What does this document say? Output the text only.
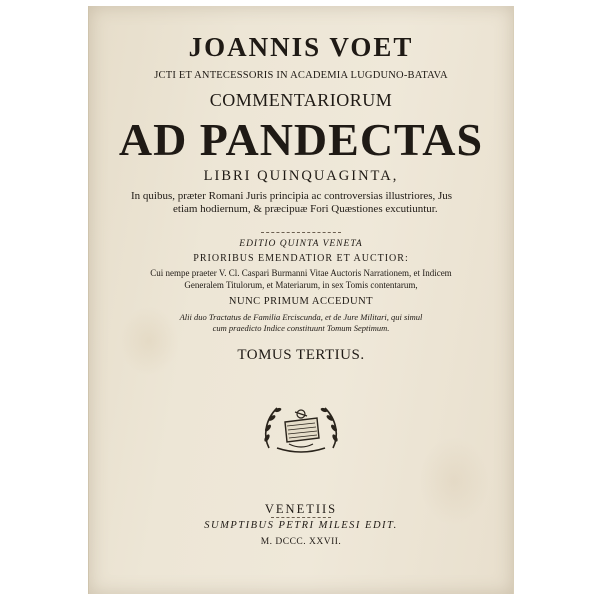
JOANNIS VOET
JCTI ET ANTECESSORIS IN ACADEMIA LUGDUNO-BATAVA
COMMENTARIORUM
AD PANDECTAS
LIBRI QUINQUAGINTA,
In quibus, præter Romani Juris principia ac controversias illustriores, Jus
etiam hodiernum, & præcipuæ Fori Quæstiones excutiuntur.
EDITIO QUINTA VENETA
PRIORIBUS EMENDATIOR ET AUCTIOR:
Cui nempe praeter V. Cl. Caspari Burmanni Vitae Auctoris Narrationem, et Indicem
Generalem Titulorum, et Materiarum, in sex Tomis contentarum,
NUNC PRIMUM ACCEDUNT
Alii duo Tractatus de Familia Erciscunda, et de Jure Militari, qui simul
cum praedicto Indice constituunt Tomum Septimum.
TOMUS TERTIUS.
VENETIIS
SUMPTIBUS PETRI MILESI EDIT.
M. DCCC. XXVII.
